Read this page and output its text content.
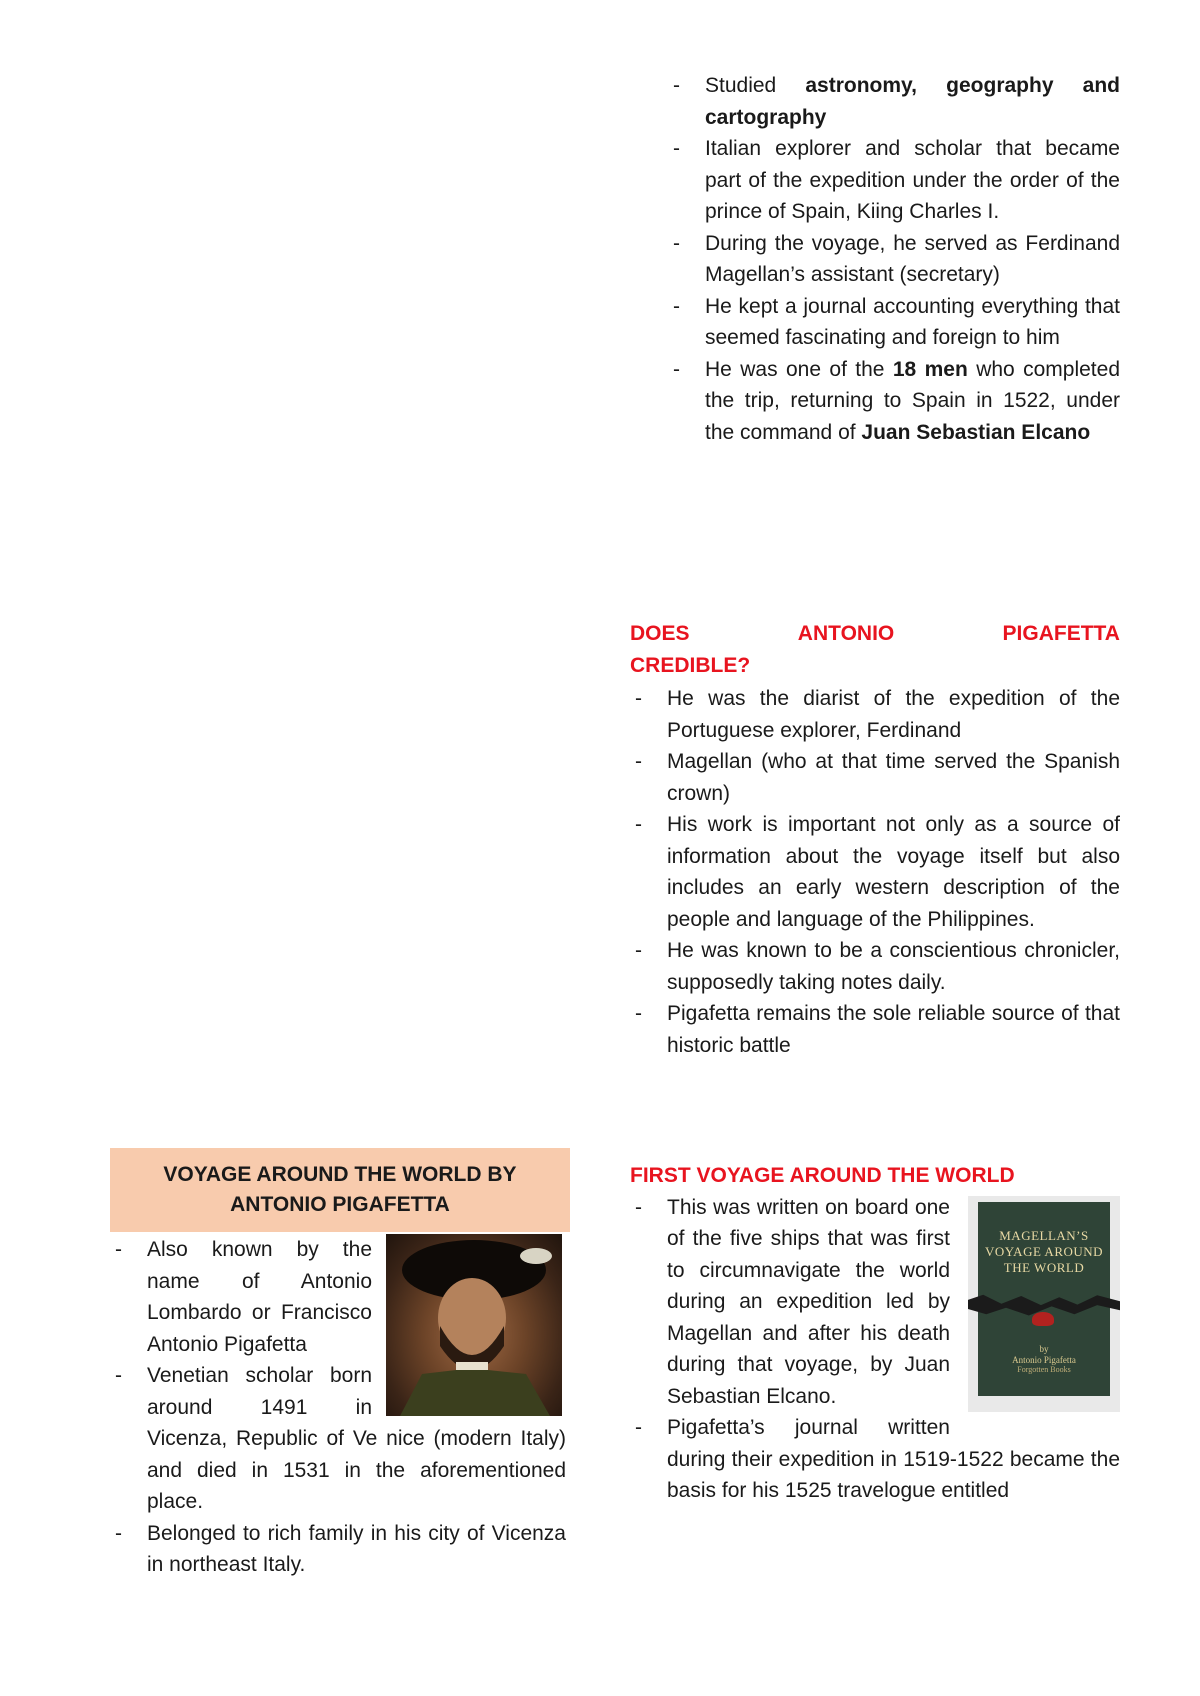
- Studied astronomy, geography and cartography
- Italian explorer and scholar that became part of the expedition under the order of the prince of Spain, Kiing Charles I.
- During the voyage, he served as Ferdinand Magellan’s assistant (secretary)
- He kept a journal accounting everything that seemed fascinating and foreign to him
- He was one of the 18 men who completed the trip, returning to Spain in 1522, under the command of Juan Sebastian Elcano
DOES	ANTONIO	PIGAFETTA
CREDIBLE?
- He was the diarist of the expedition of the Portuguese explorer, Ferdinand
- Magellan (who at that time served the Spanish crown)
- His work is important not only as a source of information about the voyage itself but also includes an early western description of the people and language of the Philippines.
- He was known to be a conscientious chronicler, supposedly taking notes daily.
- Pigafetta remains the sole reliable source of that historic battle
VOYAGE AROUND THE WORLD BY
ANTONIO PIGAFETTA
- Also known by the name of Antonio Lombardo or Francisco Antonio Pigafetta
- Venetian scholar born around 1491 in Vicenza, Republic of Ve nice (modern Italy) and died in 1531 in the aforementioned place.
- Belonged to rich family in his city of Vicenza in northeast Italy.
FIRST VOYAGE AROUND THE WORLD
MAGELLAN’S
VOYAGE AROUND
THE WORLD
by
Antonio Pigafetta
Forgotten Books
- This was written on board one of the five ships that was first to circumnavigate the world during an expedition led by Magellan and after his death during that voyage, by Juan Sebastian Elcano.
- Pigafetta’s journal written during their expedition in 1519-1522 became the basis for his 1525 travelogue entitled
